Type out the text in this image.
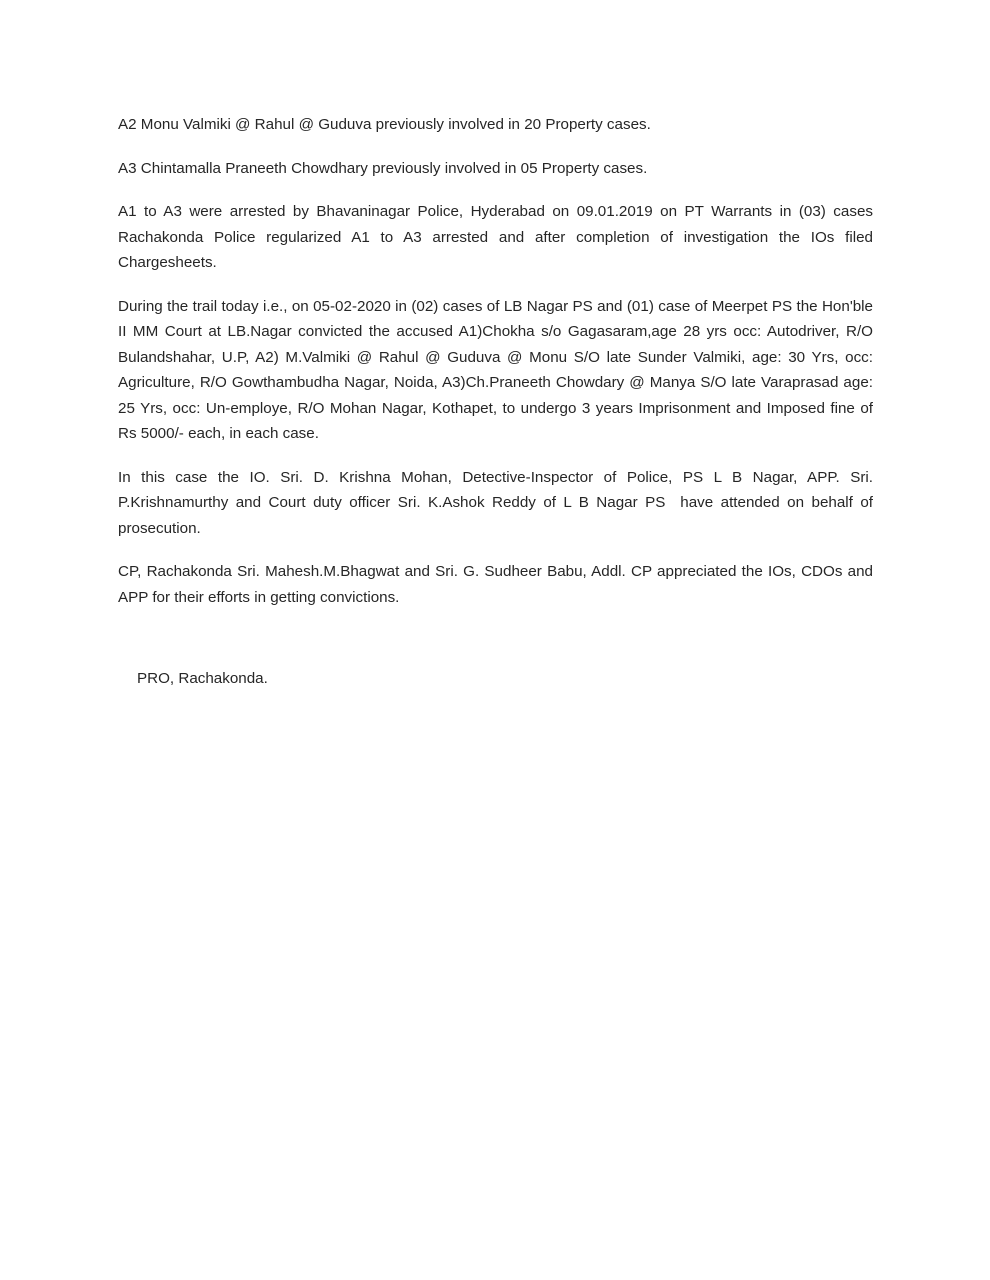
A2 Monu Valmiki @ Rahul @ Guduva previously involved in 20 Property cases.

A3 Chintamalla Praneeth Chowdhary previously involved in 05 Property cases.

A1 to A3 were arrested by Bhavaninagar Police, Hyderabad on 09.01.2019 on PT Warrants in (03) cases Rachakonda Police regularized A1 to A3 arrested and after completion of investigation the IOs filed Chargesheets.

During the trail today i.e., on 05-02-2020 in (02) cases of LB Nagar PS and (01) case of Meerpet PS the Hon'ble II MM Court at LB.Nagar convicted the accused A1)Chokha s/o Gagasaram,age 28 yrs occ: Autodriver, R/O Bulandshahar, U.P, A2) M.Valmiki @ Rahul @ Guduva @ Monu S/O late Sunder Valmiki, age: 30 Yrs, occ: Agriculture, R/O Gowthambudha Nagar, Noida, A3)Ch.Praneeth Chowdary @ Manya S/O late Varaprasad age: 25 Yrs, occ: Un-employe, R/O Mohan Nagar, Kothapet, to undergo 3 years Imprisonment and Imposed fine of Rs 5000/- each, in each case.

In this case the IO. Sri. D. Krishna Mohan, Detective-Inspector of Police, PS L B Nagar, APP. Sri. P.Krishnamurthy and Court duty officer Sri. K.Ashok Reddy of L B Nagar PS  have attended on behalf of prosecution.

CP, Rachakonda Sri. Mahesh.M.Bhagwat and Sri. G. Sudheer Babu, Addl. CP appreciated the IOs, CDOs and APP for their efforts in getting convictions.

PRO, Rachakonda.
